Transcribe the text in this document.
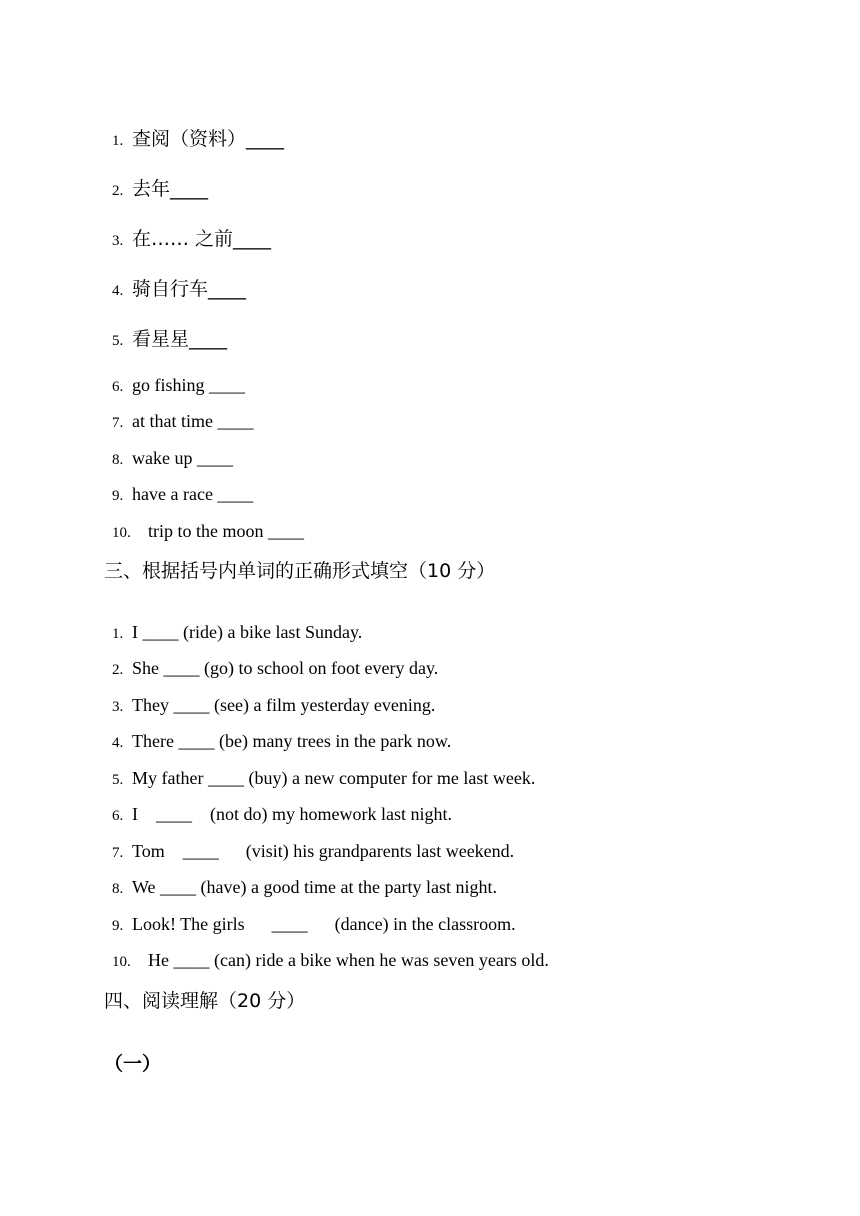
1. 查阅（资料）____

2. 去年____

3. 在…… 之前____

4. 骑自行车____

5. 看星星____

6. go fishing ____

7. at that time ____

8. wake up ____

9. have a race ____

10. trip to the moon ____

三、根据括号内单词的正确形式填空（10 分）

1. I ____ (ride) a bike last Sunday.

2. She ____ (go) to school on foot every day.

3. They ____ (see) a film yesterday evening.

4. There ____ (be) many trees in the park now.

5. My father ____ (buy) a new computer for me last week.

6. I    ____    (not do) my homework last night.

7. Tom    ____      (visit) his grandparents last weekend.

8. We ____ (have) a good time at the party last night.

9. Look! The girls      ____      (dance) in the classroom.

10. He ____ (can) ride a bike when he was seven years old.

四、阅读理解（20 分）
（一）
